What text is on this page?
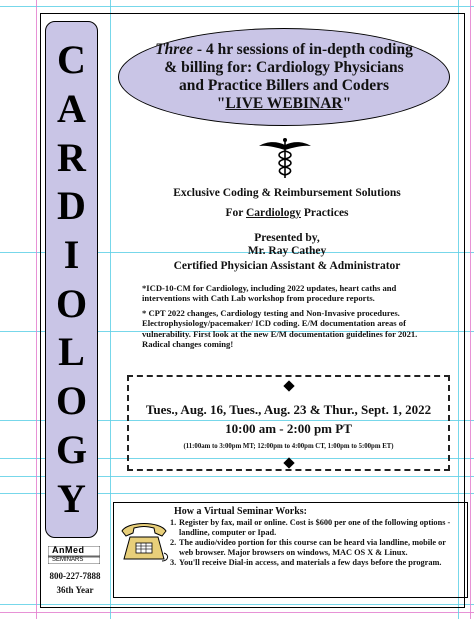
C
A
R
D
I
O
L
O
G
Y
AnMed
SEMINARS
800-227-7888
36th Year
Three - 4 hr sessions of in-depth coding
& billing for: Cardiology Physicians
and Practice Billers and Coders
"LIVE WEBINAR"
Exclusive Coding & Reimbursement Solutions
For Cardiology Practices
Presented by,
Mr. Ray Cathey
Certified Physician Assistant & Administrator

*ICD-10-CM for Cardiology, including 2022 updates, heart caths and interventions with Cath Lab workshop from procedure reports.

* CPT 2022 changes, Cardiology testing and Non-Invasive procedures. Electrophysiology/pacemaker/ ICD coding. E/M documentation areas of vulnerability. First look at the new E/M documentation guidelines for 2021. Radical changes coming!

Tues., Aug. 16, Tues., Aug. 23 & Thur., Sept. 1, 2022
10:00 am - 2:00 pm PT
(11:00am to 3:00pm MT; 12:00pm to 4:00pm CT, 1:00pm to 5:00pm ET)
How a Virtual Seminar Works:
1. Register by fax, mail or online. Cost is $600 per one of the following options - landline, computer or Ipad.
2. The audio/video portion for this course can be heard via landline, mobile or web browser. Major browsers on windows, MAC OS X & Linux.
3. You'll receive Dial-in access, and materials a few days before the program.
